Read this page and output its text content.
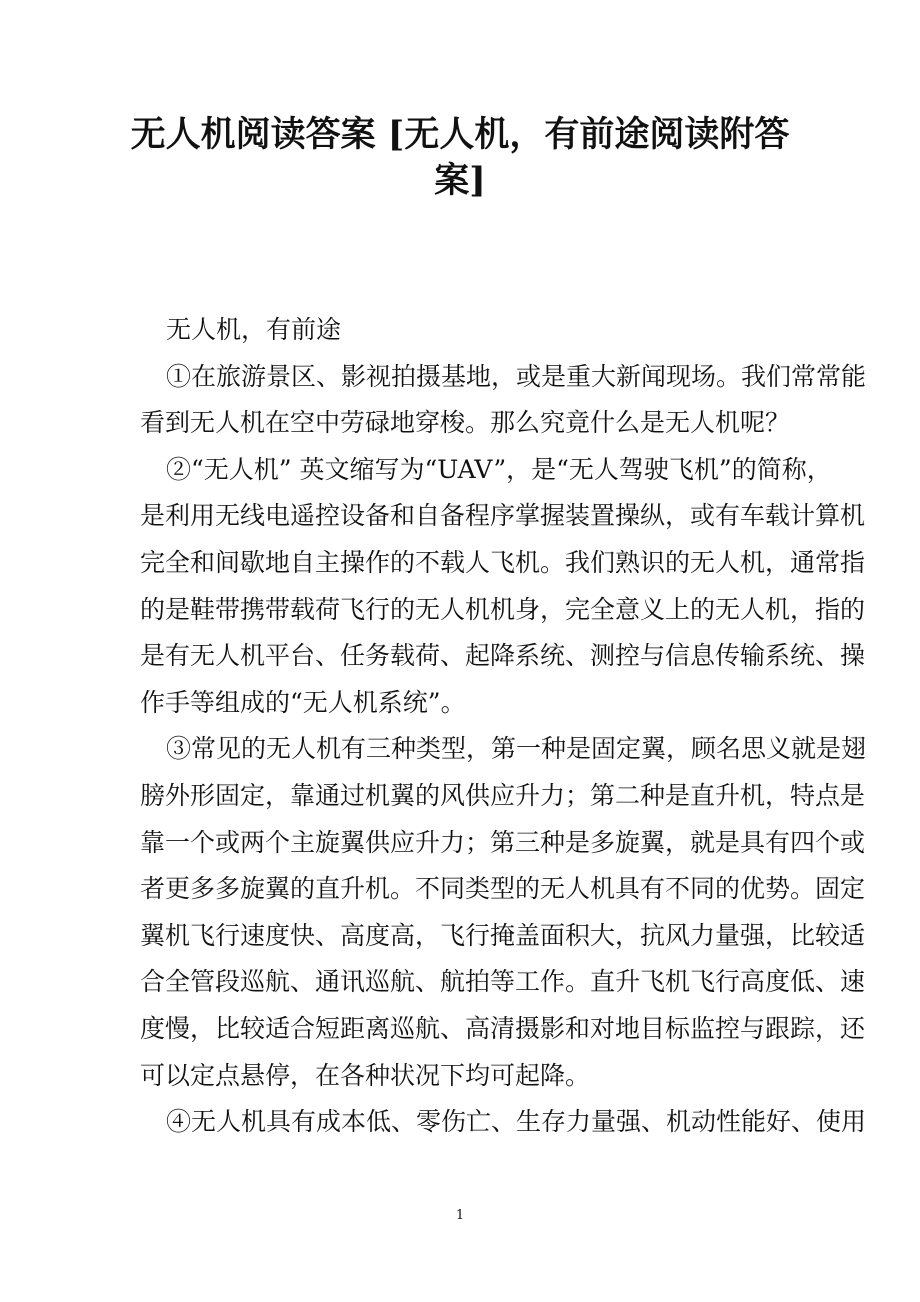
无人机阅读答案 [无人机，有前途阅读附答
案]
无人机，有前途
①在旅游景区、影视拍摄基地，或是重大新闻现场。我们常常能
看到无人机在空中劳碌地穿梭。那么究竟什么是无人机呢？
②“无人机” 英文缩写为“UAV”，是“无人驾驶飞机”的简称，
是利用无线电遥控设备和自备程序掌握装置操纵，或有车载计算机
完全和间歇地自主操作的不载人飞机。我们熟识的无人机，通常指
的是鞋带携带载荷飞行的无人机机身，完全意义上的无人机，指的
是有无人机平台、任务载荷、起降系统、测控与信息传输系统、操
作手等组成的“无人机系统”。
③常见的无人机有三种类型，第一种是固定翼，顾名思义就是翅
膀外形固定，靠通过机翼的风供应升力；第二种是直升机，特点是
靠一个或两个主旋翼供应升力；第三种是多旋翼，就是具有四个或
者更多多旋翼的直升机。不同类型的无人机具有不同的优势。固定
翼机飞行速度快、高度高，飞行掩盖面积大，抗风力量强，比较适
合全管段巡航、通讯巡航、航拍等工作。直升飞机飞行高度低、速
度慢，比较适合短距离巡航、高清摄影和对地目标监控与跟踪，还
可以定点悬停，在各种状况下均可起降。
④无人机具有成本低、零伤亡、生存力量强、机动性能好、使用
1
